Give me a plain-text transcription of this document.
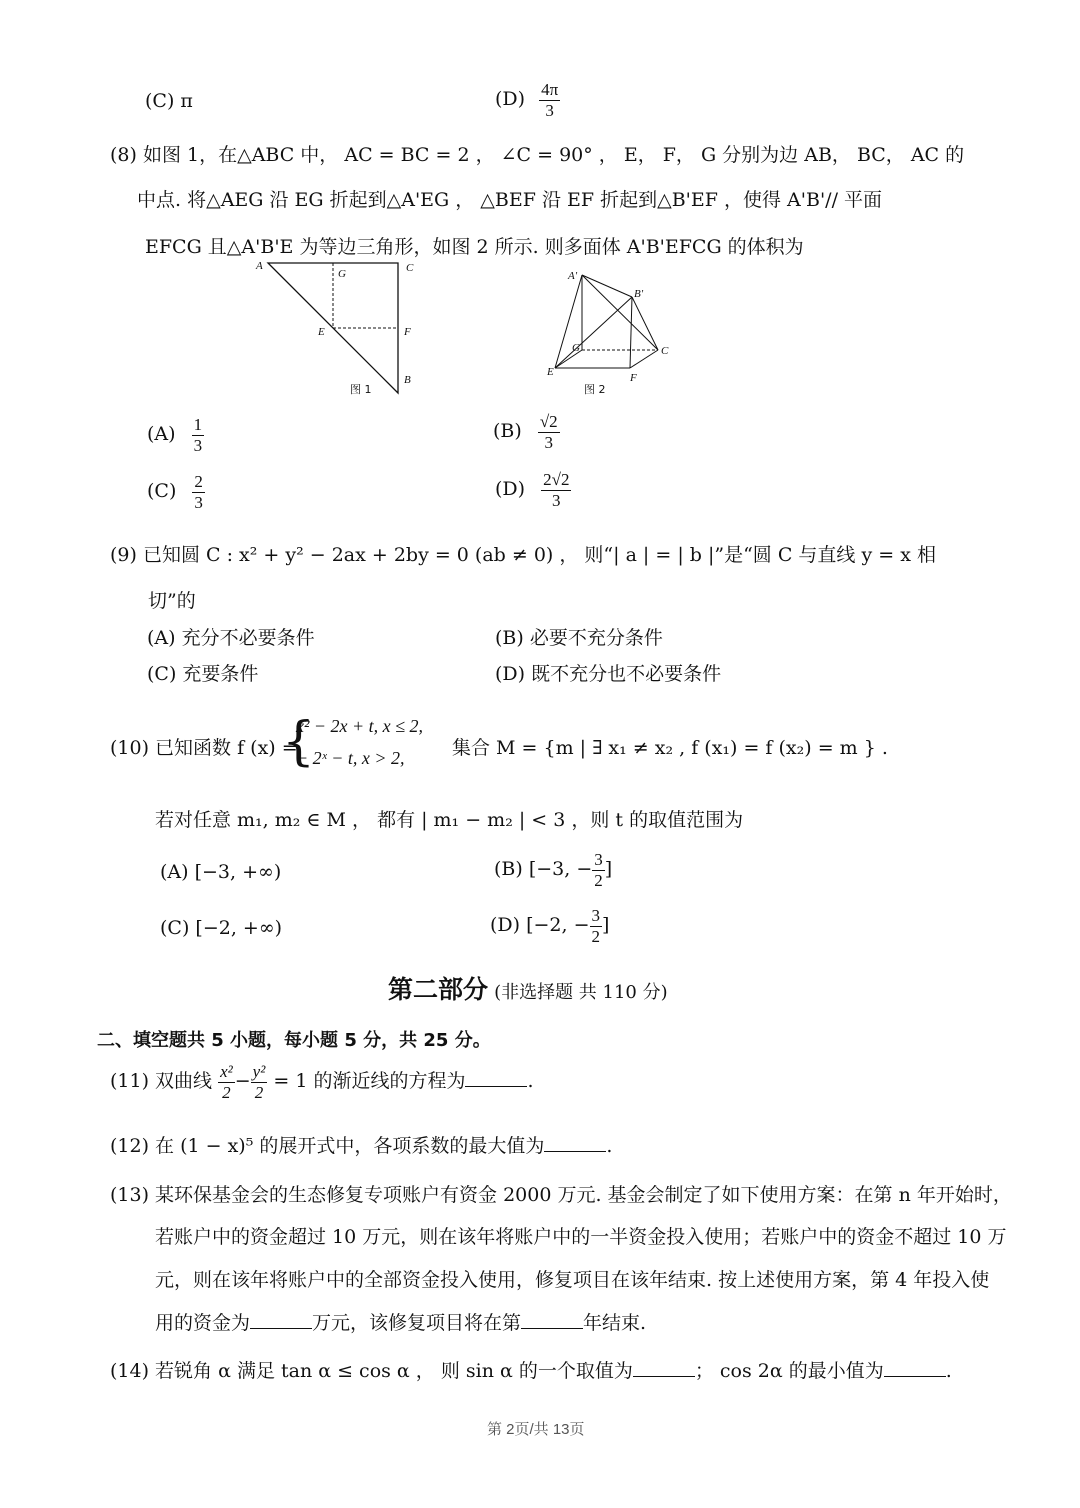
(C) π	$(D) \frac{4\pi}{3}$
(8) 如图 1，在△ABC 中， AC = BC = 2 ， ∠C = 90° ， E， F， G 分别为边 AB， BC， AC 的
中点. 将△AEG 沿 EG 折起到△A'EG ， △BEF 沿 EF 折起到△B'EF ，使得 A'B'// 平面
EFCG 且△A'B'E 为等边三角形，如图 2 所示. 则多面体 A'B'EFCG 的体积为
A
G	C
E	F
B
图 1
A'
B'
G	C
E	F
图 2
$(A) \frac{1}{3}$	$(B) \frac{√2}{3}$
$(C) \frac{2}{3}$	$(D) \frac{2√2}{3}$
(9) 已知圆 C : x² + y² − 2ax + 2by = 0 (ab ≠ 0) ， 则“| a | = | b |”是“圆 C 与直线 y = x 相
切”的
(A) 充分不必要条件	(B) 必要不充分条件
(C) 充要条件	(D) 既不充分也不必要条件
(10) 已知函数 f (x) =
{
x² − 2x + t, x ≤ 2,
− 2ˣ − t, x > 2, 集合 M = {m | ∃ x₁ ≠ x₂ , f (x₁) = f (x₂) = m } .
若对任意 m₁, m₂ ∈ M ， 都有 | m₁ − m₂ | < 3 ，则 t 的取值范围为
(A) [−3, +∞)	(B) [−3, − $\frac{3}{2}$ ]
(C) [−2, +∞)	(D) [−2, − $\frac{3}{2}$ ]
第二部分 (非选择题 共 110 分)
二、填空题共 5 小题，每小题 5 分，共 25 分。
(11) 双曲线 $\frac{\text{x²}}{2} - \frac{\text{y²}}{2} = 1$ 的渐近线的方程为	.
(12) 在 (1 − x)⁵ 的展开式中，各项系数的最大值为	.
(13) 某环保基金会的生态修复专项账户有资金 2000 万元. 基金会制定了如下使用方案：在第 n 年开始时，
若账户中的资金超过 10 万元，则在该年将账户中的一半资金投入使用；若账户中的资金不超过 10 万
元，则在该年将账户中的全部资金投入使用，修复项目在该年结束. 按上述使用方案，第 4 年投入使
用的资金为	万元，该修复项目将在第	年结束.
(14) 若锐角 α 满足 tan α ≤ cos α ， 则 sin α 的一个取值为	； cos 2α 的最小值为	.
第 2页/共 13页
